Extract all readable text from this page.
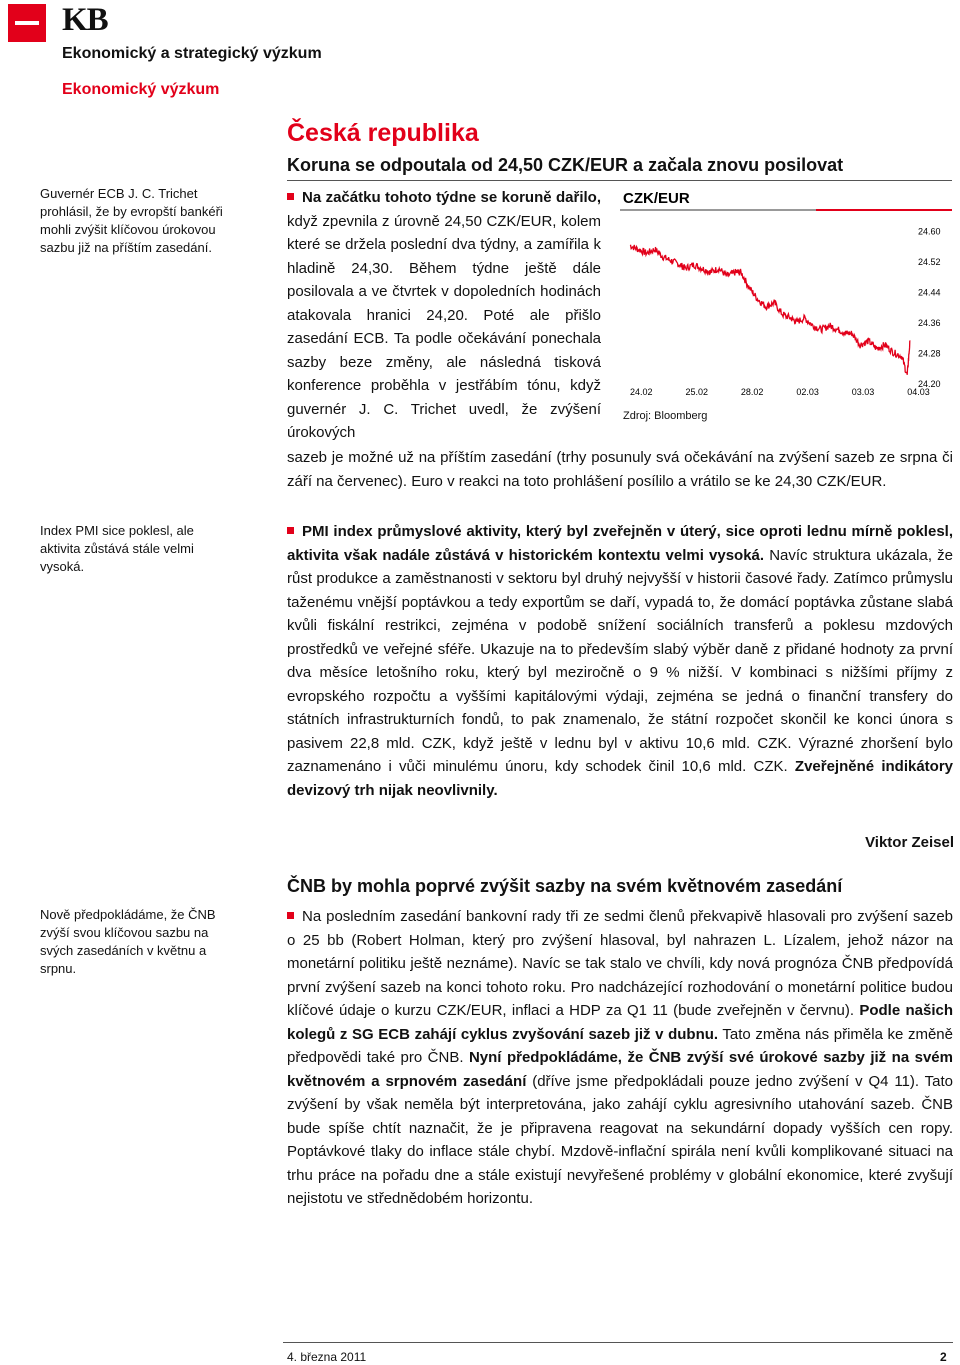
KB
Ekonomický a strategický výzkum
Ekonomický výzkum
Česká republika
Koruna se odpoutala od 24,50 CZK/EUR a začala znovu posilovat
Guvernér ECB J. C. Trichet prohlásil, že by evropští bankéři mohli zvýšit klíčovou úrokovou sazbu již na příštím zasedání.
Index PMI sice poklesl, ale aktivita zůstává stále velmi vysoká.
Nově předpokládáme, že ČNB zvýší svou klíčovou sazbu na svých zasedáních v květnu a srpnu.
Na začátku tohoto týdne se koruně dařilo, když zpevnila z úrovně 24,50 CZK/EUR, kolem které se držela poslední dva týdny, a zamířila k hladině 24,30. Během týdne ještě dále posilovala a ve čtvrtek v dopoledních hodinách atakovala hranici 24,20. Poté ale přišlo zasedání ECB. Ta podle očekávání ponechala sazby beze změny, ale následná tisková konference proběhla v jestřábím tónu, když guvernér J. C. Trichet uvedl, že zvýšení úrokových
CZK/EUR
24.60
24.52
24.44
24.36
24.28
24.20
24.02	25.02	28.02	02.03	03.03	04.03
Zdroj: Bloomberg
sazeb je možné už na příštím zasedání (trhy posunuly svá očekávání na zvýšení sazeb ze srpna či září na červenec). Euro v reakci na toto prohlášení posílilo a vrátilo se ke 24,30 CZK/EUR.
PMI index průmyslové aktivity, který byl zveřejněn v úterý, sice oproti lednu mírně poklesl, aktivita však nadále zůstává v historickém kontextu velmi vysoká. Navíc struktura ukázala, že růst produkce a zaměstnanosti v sektoru byl druhý nejvyšší v historii časové řady. Zatímco průmyslu taženému vnější poptávkou a tedy exportům se daří, vypadá to, že domácí poptávka zůstane slabá kvůli fiskální restrikci, zejména v podobě snížení sociálních transferů a poklesu mzdových prostředků ve veřejné sféře. Ukazuje na to především slabý výběr daně z přidané hodnoty za první dva měsíce letošního roku, který byl meziročně o 9 % nižší. V kombinaci s nižšími příjmy z evropského rozpočtu a vyššími kapitálovými výdaji, zejména se jedná o finanční transfery do státních infrastrukturních fondů, to pak znamenalo, že státní rozpočet skončil ke konci února s pasivem 22,8 mld. CZK, když ještě v lednu byl v aktivu 10,6 mld. CZK. Výrazné zhoršení bylo zaznamenáno i vůči minulému únoru, kdy schodek činil 10,6 mld. CZK. Zveřejněné indikátory devizový trh nijak neovlivnily.
Viktor Zeisel
ČNB by mohla poprvé zvýšit sazby na svém květnovém zasedání
Na posledním zasedání bankovní rady tři ze sedmi členů překvapivě hlasovali pro zvýšení sazeb o 25 bb (Robert Holman, který pro zvýšení hlasoval, byl nahrazen L. Lízalem, jehož názor na monetární politiku ještě neznáme). Navíc se tak stalo ve chvíli, kdy nová prognóza ČNB předpovídá první zvýšení sazeb na konci tohoto roku. Pro nadcházející rozhodování o monetární politice budou klíčové údaje o kurzu CZK/EUR, inflaci a HDP za Q1 11 (bude zveřejněn v červnu). Podle našich kolegů z SG ECB zahájí cyklus zvyšování sazeb již v dubnu. Tato změna nás přiměla ke změně předpovědi také pro ČNB. Nyní předpokládáme, že ČNB zvýší své úrokové sazby již na svém květnovém a srpnovém zasedání (dříve jsme předpokládali pouze jedno zvýšení v Q4 11). Tato zvýšení by však neměla být interpretována, jako zahájí cyklu agresivního utahování sazeb. ČNB bude spíše chtít naznačit, že je připravena reagovat na sekundární dopady vyšších cen ropy. Poptávkové tlaky do inflace stále chybí. Mzdově-inflační spirála není kvůli komplikované situaci na trhu práce na pořadu dne a stále existují nevyřešené problémy v globální ekonomice, které zvyšují nejistotu ve střednědobém horizontu.
4. března 2011	2
